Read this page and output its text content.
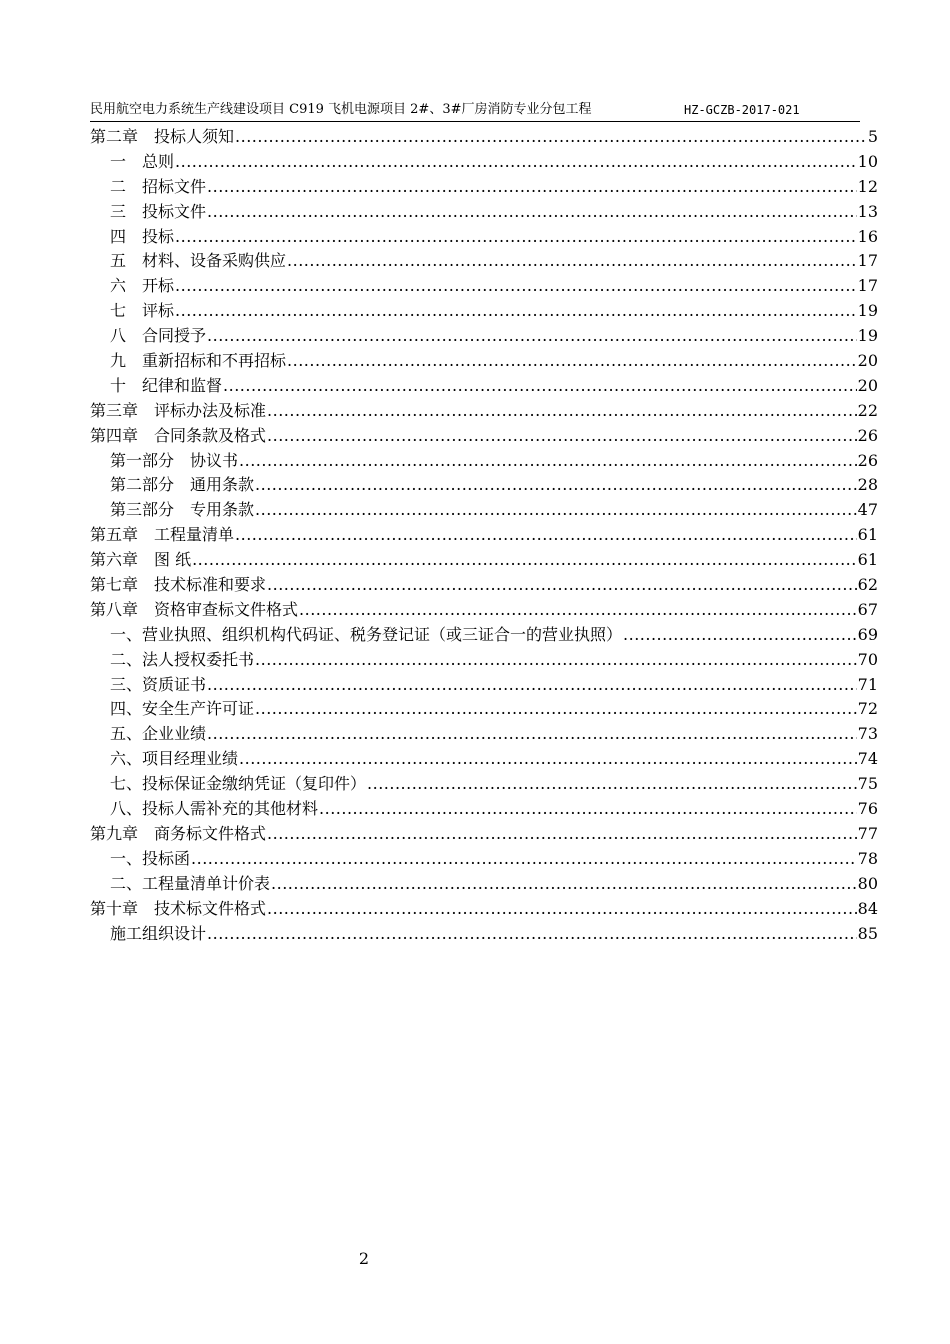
民用航空电力系统生产线建设项目 C919 飞机电源项目 2#、3#厂房消防专业分包工程	HZ-GCZB-2017-021
第二章　投标人须知 .....	5
一　总则 .....	10
二　招标文件 .....	12
三　投标文件 .....	13
四　投标 .....	16
五　材料、设备采购供应 .....	17
六　开标 .....	17
七　评标 .....	19
八　合同授予 .....	19
九　重新招标和不再招标 .....	20
十　纪律和监督 .....	20
第三章　评标办法及标准 .....	22
第四章　合同条款及格式 .....	26
第一部分　协议书 .....	26
第二部分　通用条款 .....	28
第三部分　专用条款 .....	47
第五章　工程量清单 .....	61
第六章　图 纸 .....	61
第七章　技术标准和要求 .....	62
第八章　资格审查标文件格式 .....	67
一、营业执照、组织机构代码证、税务登记证（或三证合一的营业执照） .....	69
二、法人授权委托书 .....	70
三、资质证书 .....	71
四、安全生产许可证 .....	72
五、企业业绩 .....	73
六、项目经理业绩 .....	74
七、投标保证金缴纳凭证（复印件） .....	75
八、投标人需补充的其他材料 .....	76
第九章　商务标文件格式 .....	77
一、投标函 .....	78
二、工程量清单计价表 .....	80
第十章　技术标文件格式 .....	84
施工组织设计 .....	85
2
